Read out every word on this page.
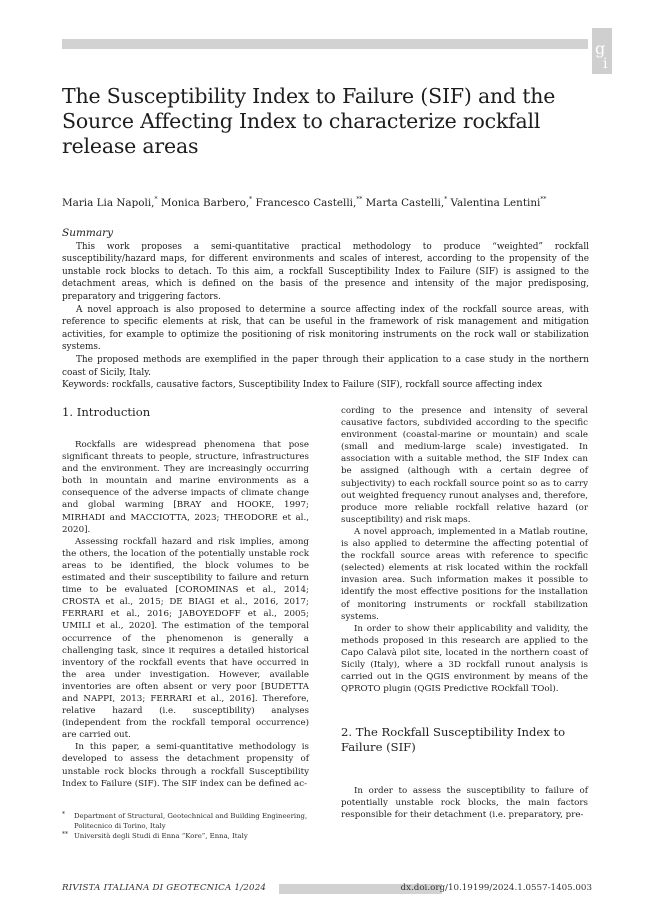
g
i
The Susceptibility Index to Failure (SIF) and the Source Affecting Index to characterize rockfall release areas
Maria Lia Napoli,* Monica Barbero,* Francesco Castelli,** Marta Castelli,* Valentina Lentini**
Summary

This work proposes a semi-quantitative practical methodology to produce “weighted” rockfall susceptibility/hazard maps, for different environments and scales of interest, according to the propensity of the unstable rock blocks to detach. To this aim, a rockfall Susceptibility Index to Failure (SIF) is assigned to the detachment areas, which is defined on the basis of the presence and intensity of the major predisposing, preparatory and triggering factors.

A novel approach is also proposed to determine a source affecting index of the rockfall source areas, with reference to specific elements at risk, that can be useful in the framework of risk management and mitigation activities, for example to optimize the positioning of risk monitoring instruments on the rock wall or stabilization systems.

The proposed methods are exemplified in the paper through their application to a case study in the northern coast of Sicily, Italy.

Keywords: rockfalls, causative factors, Susceptibility Index to Failure (SIF), rockfall source affecting index

1. Introduction

Rockfalls are widespread phenomena that pose significant threats to people, structure, infrastructures and the environment. They are increasingly occurring both in mountain and marine environments as a consequence of the adverse impacts of climate change and global warming [BRAY and HOOKE, 1997; MIRHADI and MACCIOTTA, 2023; THEODORE et al., 2020].

Assessing rockfall hazard and risk implies, among the others, the location of the potentially unstable rock areas to be identified, the block volumes to be estimated and their susceptibility to failure and return time to be evaluated [COROMINAS et al., 2014; CROSTA et al., 2015; DE BIAGI et al., 2016, 2017; FERRARI et al., 2016; JABOYEDOFF et al., 2005; UMILI et al., 2020]. The estimation of the temporal occurrence of the phenomenon is generally a challenging task, since it requires a detailed historical inventory of the rockfall events that have occurred in the area under investigation. However, available inventories are often absent or very poor [BUDETTA and NAPPI, 2013; FERRARI et al., 2016]. Therefore, relative hazard (i.e. susceptibility) analyses (independent from the rockfall temporal occurrence) are carried out.

In this paper, a semi-quantitative methodology is developed to assess the detachment propensity of unstable rock blocks through a rockfall Susceptibility Index to Failure (SIF). The SIF index can be defined ac-

cording to the presence and intensity of several causative factors, subdivided according to the specific environment (coastal-marine or mountain) and scale (small and medium-large scale) investigated. In association with a suitable method, the SIF Index can be assigned (although with a certain degree of subjectivity) to each rockfall source point so as to carry out weighted frequency runout analyses and, therefore, produce more reliable rockfall relative hazard (or susceptibility) and risk maps.

A novel approach, implemented in a Matlab routine, is also applied to determine the affecting potential of the rockfall source areas with reference to specific (selected) elements at risk located within the rockfall invasion area. Such information makes it possible to identify the most effective positions for the installation of monitoring instruments or rockfall stabilization systems.

In order to show their applicability and validity, the methods proposed in this research are applied to the Capo Calavà pilot site, located in the northern coast of Sicily (Italy), where a 3D rockfall runout analysis is carried out in the QGIS environment by means of the QPROTO plugin (QGIS Predictive ROckfall TOol).

2. The Rockfall Susceptibility Index to Failure (SIF)

In order to assess the susceptibility to failure of potentially unstable rock blocks, the main factors responsible for their detachment (i.e. preparatory, pre-

* Department of Structural, Geotechnical and Building Engineering, Politecnico di Torino, Italy
** Università degli Studi di Enna “Kore”, Enna, Italy
RIVISTA ITALIANA DI GEOTECNICA 1/2024	dx.doi.org/10.19199/2024.1.0557-1405.003
